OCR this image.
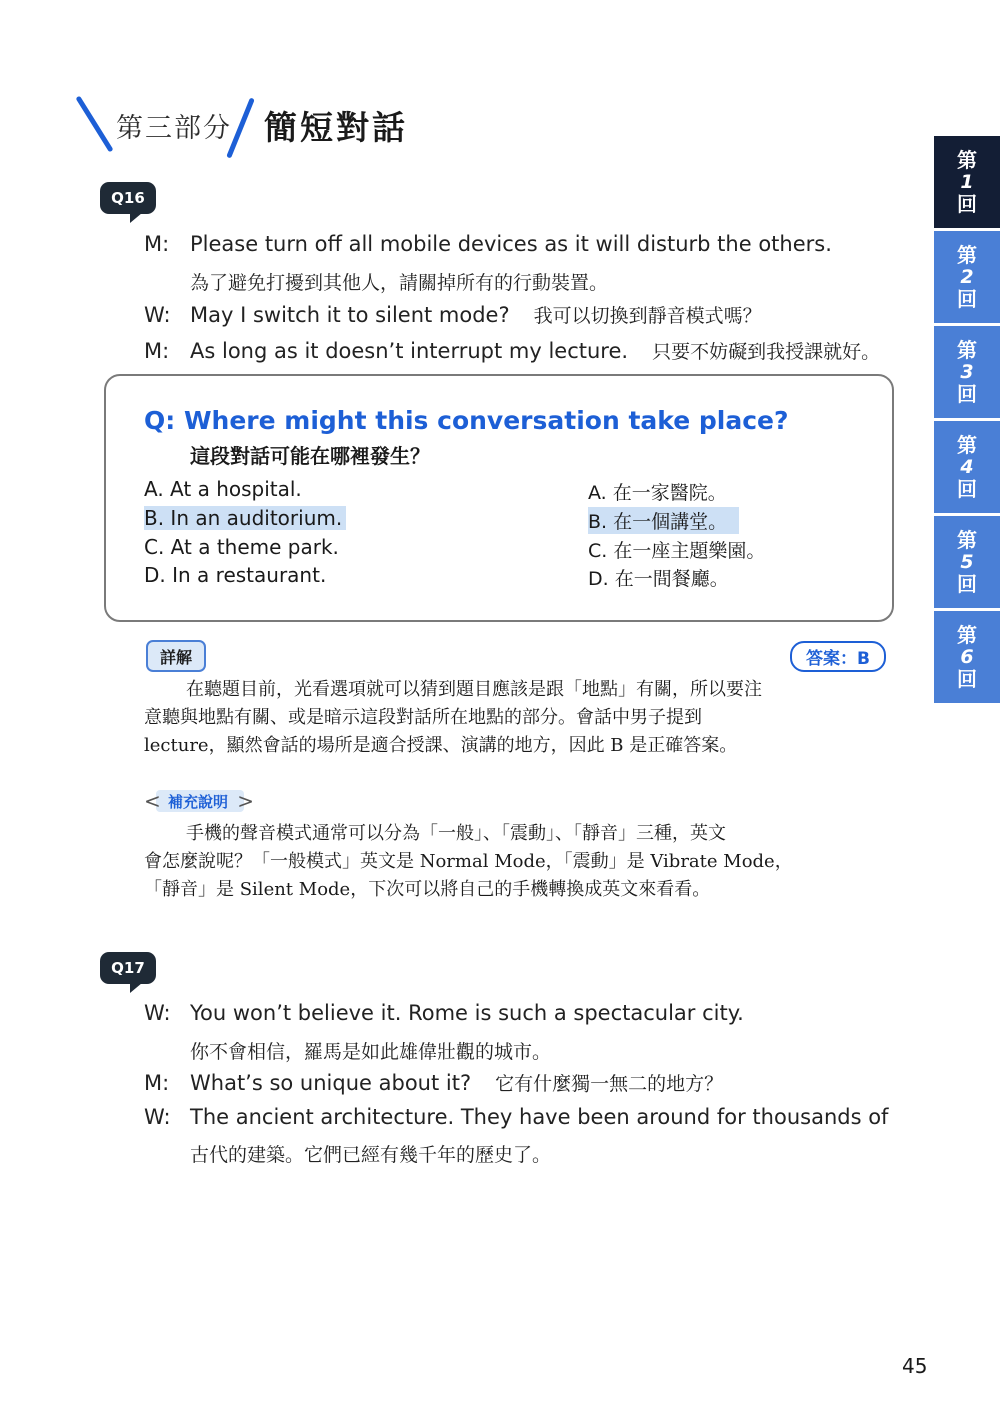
第三部分 簡短對話
第
1
回
第
2
回
第
3
回
第
4
回
第
5
回
第
6
回
Q16
M: Please turn off all mobile devices as it will disturb the others.
為了避免打擾到其他人，請關掉所有的行動裝置。
W: May I switch it to silent mode? 我可以切換到靜音模式嗎？
M: As long as it doesn’t interrupt my lecture. 只要不妨礙到我授課就好。
Q: Where might this conversation take place?
這段對話可能在哪裡發生？
A. At a hospital.	A. 在一家醫院。
B. In an auditorium.	B. 在一個講堂。
C. At a theme park.	C. 在一座主題樂園。
D. In a restaurant.	D. 在一間餐廳。
詳解	答案：B
在聽題目前，光看選項就可以猜到題目應該是跟「地點」有關，所以要注
意聽與地點有關、或是暗示這段對話所在地點的部分。會話中男子提到
lecture，顯然會話的場所是適合授課、演講的地方，因此 B 是正確答案。
< 補充說明 >
手機的聲音模式通常可以分為「一般」、「震動」、「靜音」三種，英文
會怎麼說呢？「一般模式」英文是 Normal Mode，「震動」是 Vibrate Mode，
「靜音」是 Silent Mode，下次可以將自己的手機轉換成英文來看看。
Q17
W: You won’t believe it. Rome is such a spectacular city.
你不會相信，羅馬是如此雄偉壯觀的城市。
M: What’s so unique about it? 它有什麼獨一無二的地方？
W: The ancient architecture. They have been around for thousands of
古代的建築。它們已經有幾千年的歷史了。
45
